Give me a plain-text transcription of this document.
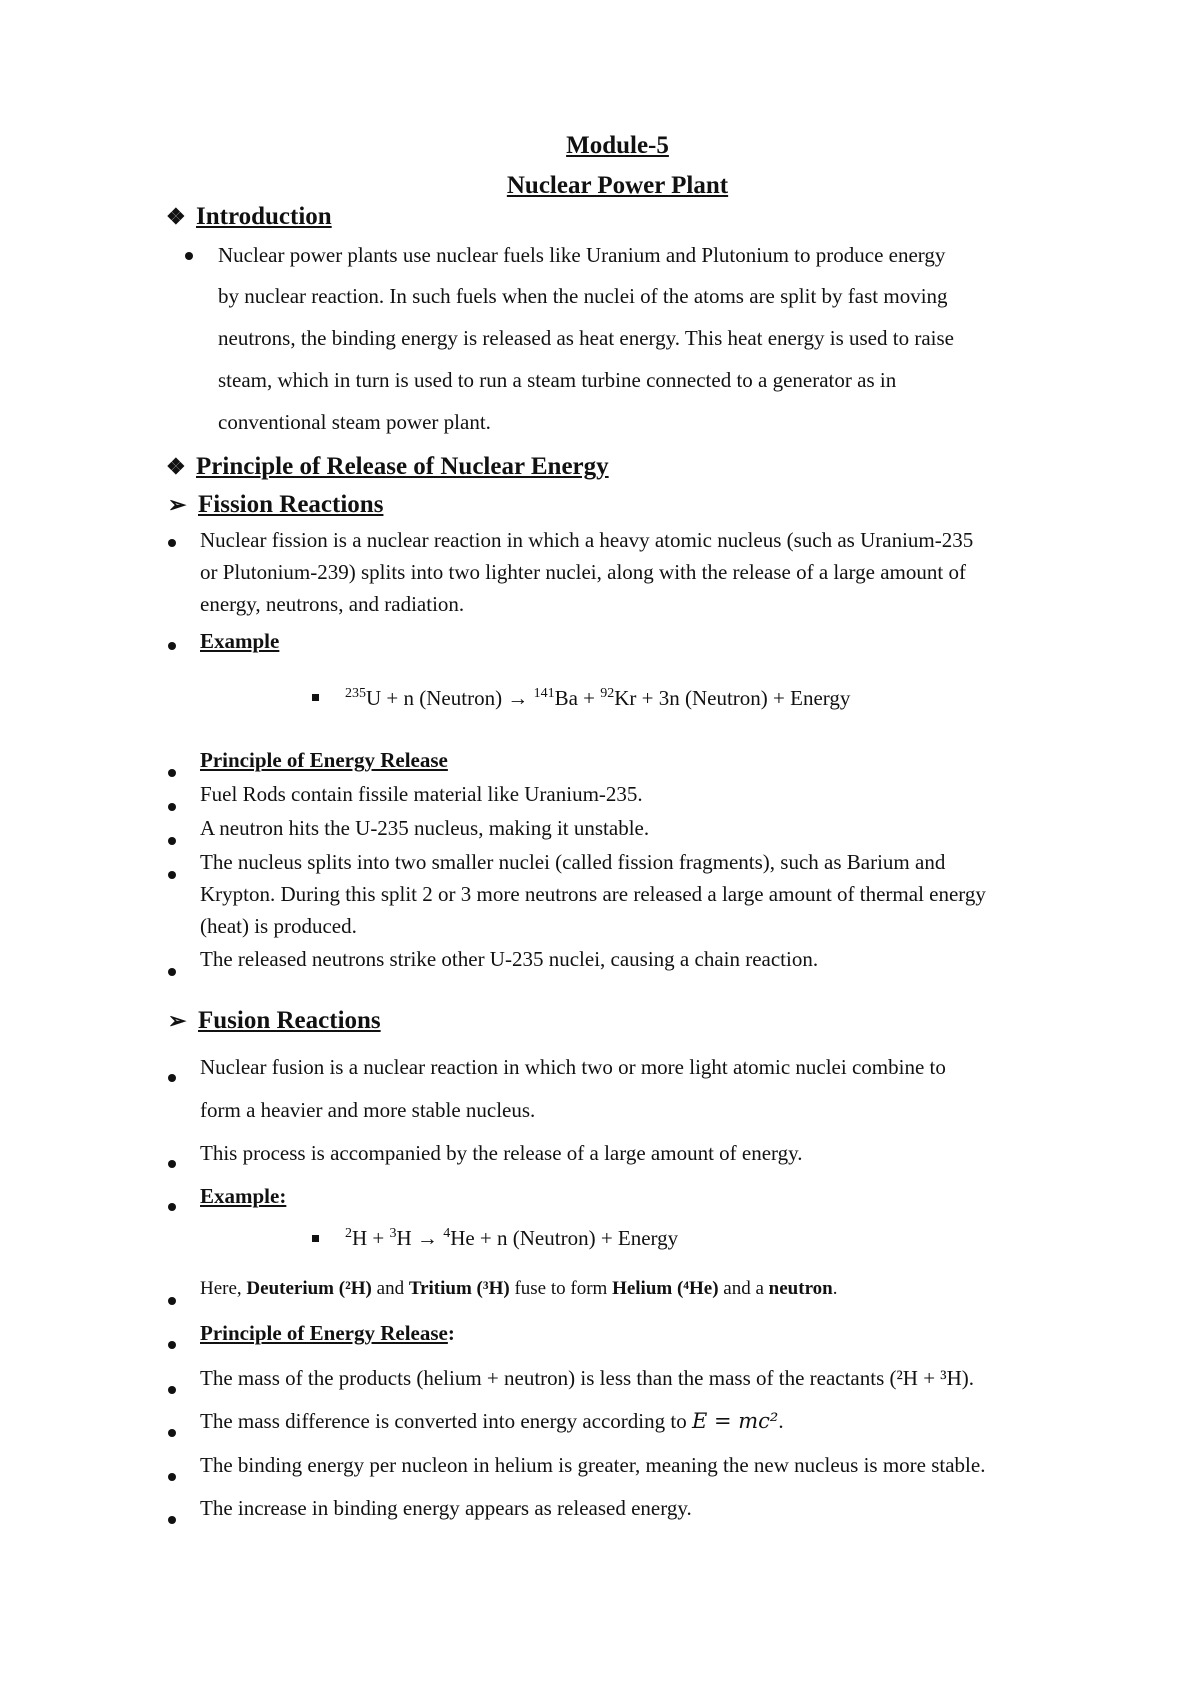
Module-5
Nuclear Power Plant
❖ Introduction
Nuclear power plants use nuclear fuels like Uranium and Plutonium to produce energy
by nuclear reaction. In such fuels when the nuclei of the atoms are split by fast moving
neutrons, the binding energy is released as heat energy. This heat energy is used to raise
steam, which in turn is used to run a steam turbine connected to a generator as in
conventional steam power plant.
❖ Principle of Release of Nuclear Energy
➢ Fission Reactions
Nuclear fission is a nuclear reaction in which a heavy atomic nucleus (such as Uranium-235
or Plutonium-239) splits into two lighter nuclei, along with the release of a large amount of
energy, neutrons, and radiation.
Example
$^{235}$U + n (Neutron) → $^{141}$Ba + $^{92}$Kr + 3n (Neutron) + Energy
Principle of Energy Release
Fuel Rods contain fissile material like Uranium-235.
A neutron hits the U-235 nucleus, making it unstable.
The nucleus splits into two smaller nuclei (called fission fragments), such as Barium and
Krypton. During this split 2 or 3 more neutrons are released a large amount of thermal energy
(heat) is produced.
The released neutrons strike other U-235 nuclei, causing a chain reaction.
➢ Fusion Reactions
Nuclear fusion is a nuclear reaction in which two or more light atomic nuclei combine to
form a heavier and more stable nucleus.
This process is accompanied by the release of a large amount of energy.
Example:
$^2$H + $^3$H → $^4$He + n (Neutron) + Energy
Here, Deuterium (²H) and Tritium (³H) fuse to form Helium (⁴He) and a neutron.
Principle of Energy Release:
The mass of the products (helium + neutron) is less than the mass of the reactants (²H + ³H).
The mass difference is converted into energy according to E = mc².
The binding energy per nucleon in helium is greater, meaning the new nucleus is more stable.
The increase in binding energy appears as released energy.
